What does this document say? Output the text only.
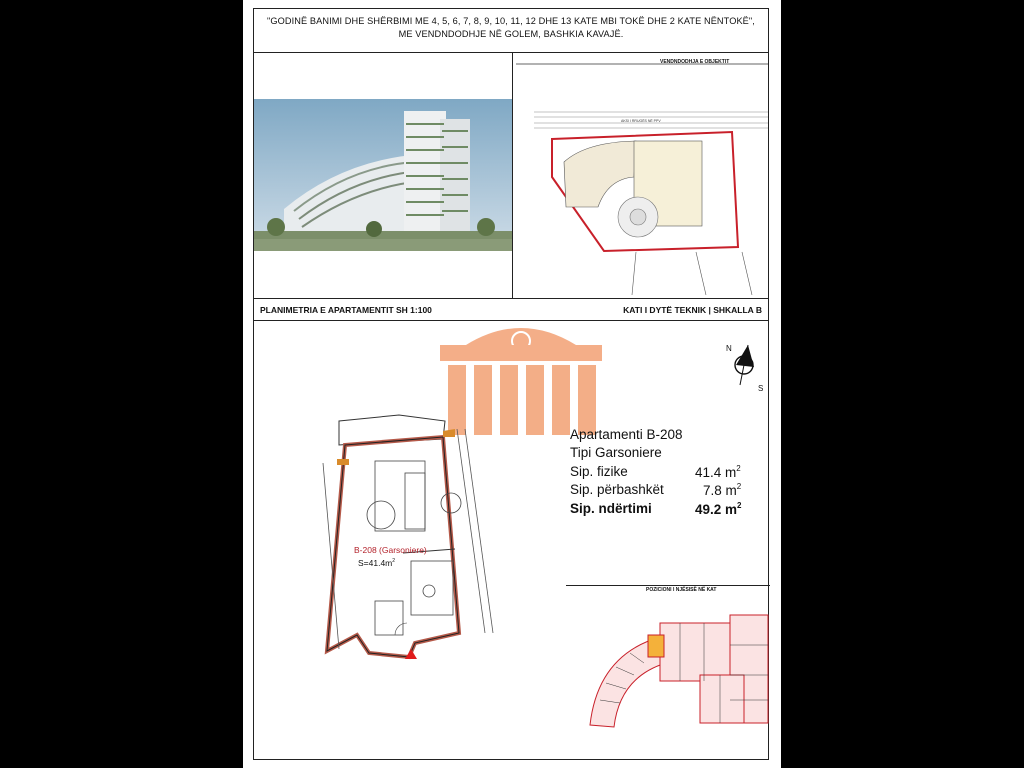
"GODINË BANIMI DHE SHËRBIMI ME 4, 5, 6, 7, 8, 9, 10, 11, 12 DHE 13 KATE MBI TOKË DHE 2 KATE NËNTOKË",
ME VENDNDODHJE NË GOLEM, BASHKIA KAVAJË.
VENDNDODHJA E OBJEKTIT
AKSI I RRUGËS NË PPV
PLANIMETRIA E APARTAMENTIT SH 1:100	KATI I DYTË TEKNIK | SHKALLA B
N
S
B-208 (Garsoniere)
$S=41.4m^2$
Apartamenti B-208
Tipi Garsoniere
Sip. fizike	41.4 $m^2$
Sip. përbashkët	7.8 $m^2$
Sip. ndërtimi	49.2 $m^2$
POZICIONI I NJËSISË NË KAT
